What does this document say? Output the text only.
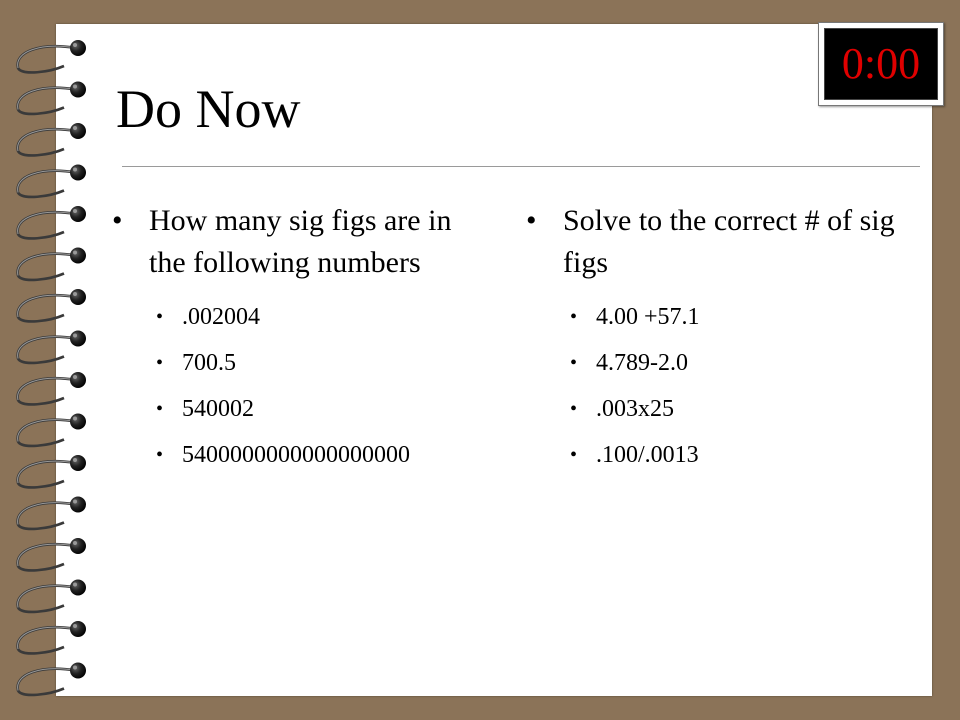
Do Now
0:00
• How many sig figs are in the following numbers
• .002004
• 700.5
• 540002
• 5400000000000000000
• Solve to the correct # of sig figs
• 4.00 +57.1
• 4.789-2.0
• .003x25
• .100/.0013
